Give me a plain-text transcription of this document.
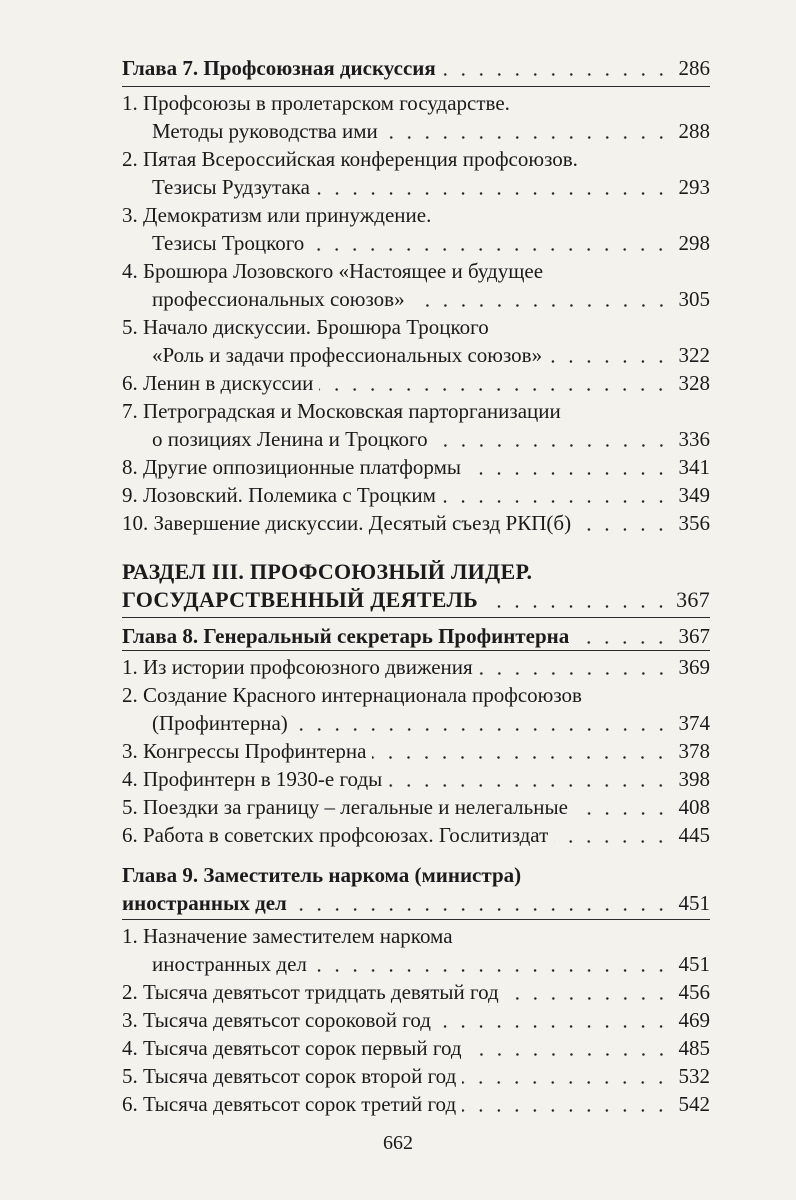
Глава 7. Профсоюзная дискуссия	286
1. Профсоюзы в пролетарском государстве.
Методы руководства ими	288
2. Пятая Всероссийская конференция профсоюзов.
Тезисы Рудзутака	293
3. Демократизм или принуждение.
Тезисы Троцкого	298
4. Брошюра Лозовского «Настоящее и будущее
профессиональных союзов»	305
5. Начало дискуссии. Брошюра Троцкого
«Роль и задачи профессиональных союзов»	322
6. Ленин в дискуссии	328
7. Петроградская и Московская парторганизации
о позициях Ленина и Троцкого	336
8. Другие оппозиционные платформы	341
9. Лозовский. Полемика с Троцким	349
10. Завершение дискуссии. Десятый съезд РКП(б)	356
РАЗДЕЛ III. ПРОФСОЮЗНЫЙ ЛИДЕР.
ГОСУДАРСТВЕННЫЙ ДЕЯТЕЛЬ	367
Глава 8. Генеральный секретарь Профинтерна	367
1. Из истории профсоюзного движения	369
2. Создание Красного интернационала профсоюзов
(Профинтерна)	374
3. Конгрессы Профинтерна	378
4. Профинтерн в 1930-е годы	398
5. Поездки за границу – легальные и нелегальные	408
6. Работа в советских профсоюзах. Гослитиздат	445
Глава 9. Заместитель наркома (министра)
иностранных дел	451
1. Назначение заместителем наркома
иностранных дел	451
2. Тысяча девятьсот тридцать девятый год	456
3. Тысяча девятьсот сороковой год	469
4. Тысяча девятьсот сорок первый год	485
5. Тысяча девятьсот сорок второй год	532
6. Тысяча девятьсот сорок третий год	542
662
